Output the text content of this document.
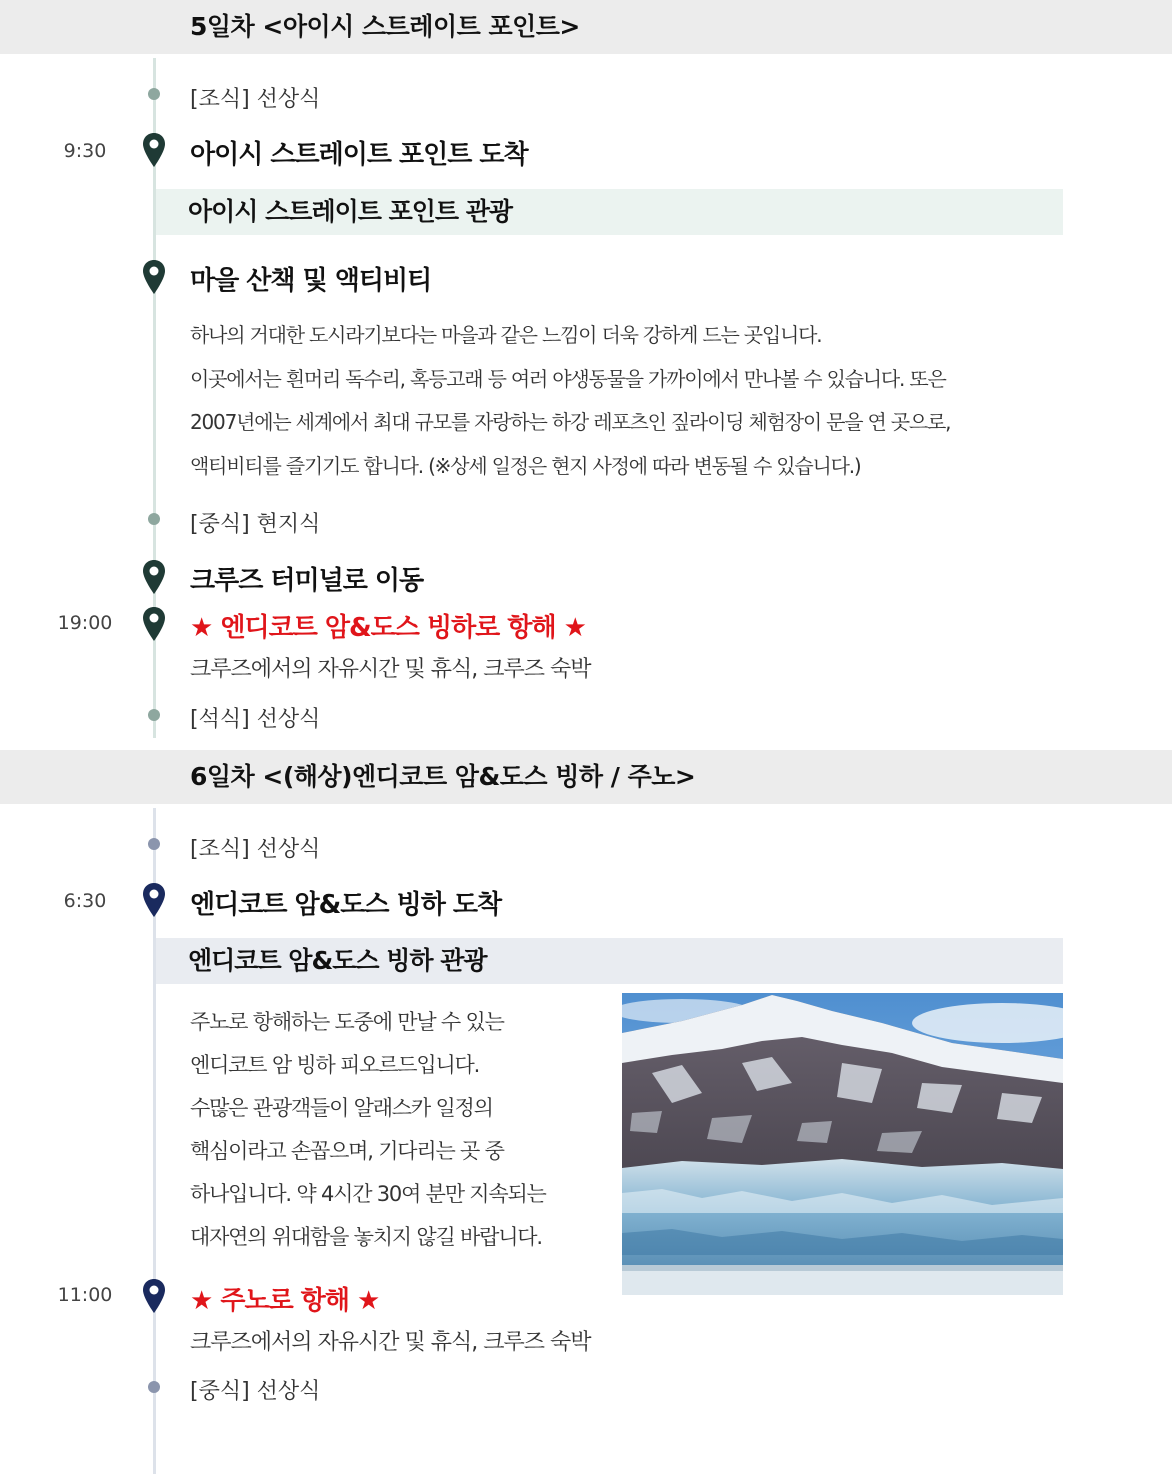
5일차 <아이시 스트레이트 포인트>
[조식] 선상식
9:30	아이시 스트레이트 포인트 도착
아이시 스트레이트 포인트 관광
마을 산책 및 액티비티
하나의 거대한 도시라기보다는 마을과 같은 느낌이 더욱 강하게 드는 곳입니다.
이곳에서는 흰머리 독수리, 혹등고래 등 여러 야생동물을 가까이에서 만나볼 수 있습니다. 또은
2007년에는 세계에서 최대 규모를 자랑하는 하강 레포츠인 짚라이딩 체험장이 문을 연 곳으로,
액티비티를 즐기기도 합니다. (※상세 일정은 현지 사정에 따라 변동될 수 있습니다.)
[중식] 현지식
크루즈 터미널로 이동
19:00	★ 엔디코트 암&도스 빙하로 항해 ★
크루즈에서의 자유시간 및 휴식, 크루즈 숙박
[석식] 선상식
6일차 <(해상)엔디코트 암&도스 빙하 / 주노>
[조식] 선상식
6:30	엔디코트 암&도스 빙하 도착
엔디코트 암&도스 빙하 관광
주노로 항해하는 도중에 만날 수 있는
엔디코트 암 빙하 피오르드입니다.
수많은 관광객들이 알래스카 일정의
핵심이라고 손꼽으며, 기다리는 곳 중
하나입니다. 약 4시간 30여 분만 지속되는
대자연의 위대함을 놓치지 않길 바랍니다.
11:00	★ 주노로 항해 ★
크루즈에서의 자유시간 및 휴식, 크루즈 숙박
[중식] 선상식
